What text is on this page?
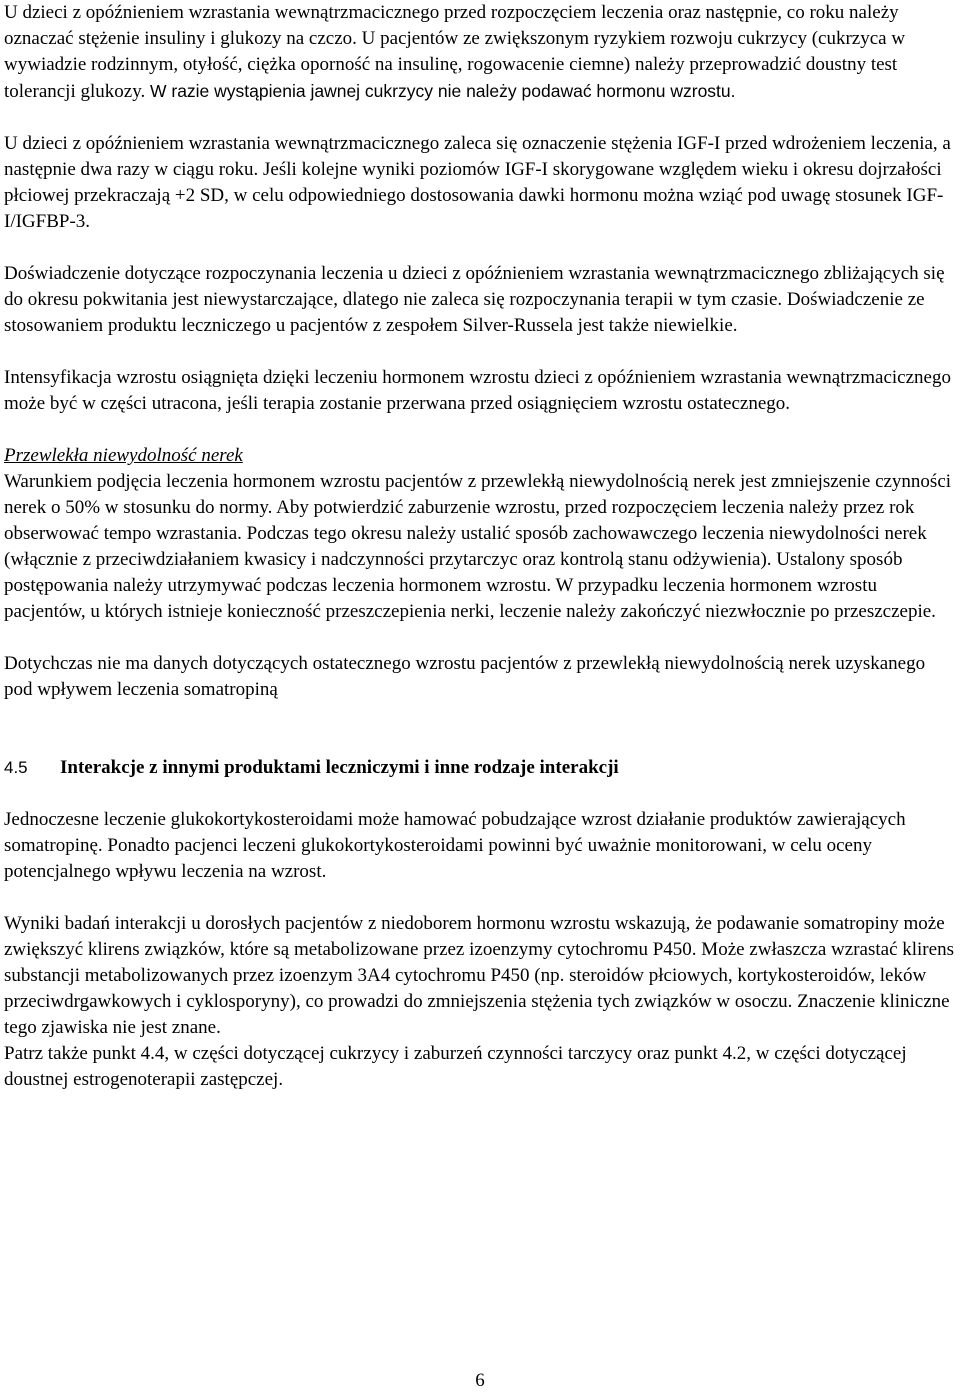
U dzieci z opóźnieniem wzrastania wewnątrzmacicznego przed rozpoczęciem leczenia oraz następnie, co roku należy oznaczać stężenie insuliny i glukozy na czczo. U pacjentów ze zwiększonym ryzykiem rozwoju cukrzycy (cukrzyca w wywiadzie rodzinnym, otyłość, ciężka oporność na insulinę, rogowacenie ciemne) należy przeprowadzić doustny test tolerancji glukozy. W razie wystąpienia jawnej cukrzycy nie należy podawać hormonu wzrostu.

U dzieci z opóźnieniem wzrastania wewnątrzmacicznego zaleca się oznaczenie stężenia IGF-I przed wdrożeniem leczenia, a następnie dwa razy w ciągu roku. Jeśli kolejne wyniki poziomów IGF-I skorygowane względem wieku i okresu dojrzałości płciowej przekraczają +2 SD, w celu odpowiedniego dostosowania dawki hormonu można wziąć pod uwagę stosunek IGF-I/IGFBP-3.

Doświadczenie dotyczące rozpoczynania leczenia u dzieci z opóźnieniem wzrastania wewnątrzmacicznego zbliżających się do okresu pokwitania jest niewystarczające, dlatego nie zaleca się rozpoczynania terapii w tym czasie. Doświadczenie ze stosowaniem produktu leczniczego u pacjentów z zespołem Silver-Russela jest także niewielkie.

Intensyfikacja wzrostu osiągnięta dzięki leczeniu hormonem wzrostu dzieci z opóźnieniem wzrastania wewnątrzmacicznego może być w części utracona, jeśli terapia zostanie przerwana przed osiągnięciem wzrostu ostatecznego.

Przewlekła niewydolność nerek

Warunkiem podjęcia leczenia hormonem wzrostu pacjentów z przewlekłą niewydolnością nerek jest zmniejszenie czynności nerek o 50% w stosunku do normy. Aby potwierdzić zaburzenie wzrostu, przed rozpoczęciem leczenia należy przez rok obserwować tempo wzrastania. Podczas tego okresu należy ustalić sposób zachowawczego leczenia niewydolności nerek (włącznie z przeciwdziałaniem kwasicy i nadczynności przytarczyc oraz kontrolą stanu odżywienia). Ustalony sposób postępowania należy utrzymywać podczas leczenia hormonem wzrostu. W przypadku leczenia hormonem wzrostu pacjentów, u których istnieje konieczność przeszczepienia nerki, leczenie należy zakończyć niezwłocznie po przeszczepie.

Dotychczas nie ma danych dotyczących ostatecznego wzrostu pacjentów z przewlekłą niewydolnością nerek uzyskanego pod wpływem leczenia somatropiną

4.5	Interakcje z innymi produktami leczniczymi i inne rodzaje interakcji

Jednoczesne leczenie glukokortykosteroidami może hamować pobudzające wzrost działanie produktów zawierających somatropinę. Ponadto pacjenci leczeni glukokortykosteroidami powinni być uważnie monitorowani, w celu oceny potencjalnego wpływu leczenia na wzrost.

Wyniki badań interakcji u dorosłych pacjentów z niedoborem hormonu wzrostu wskazują, że podawanie somatropiny może zwiększyć klirens związków, które są metabolizowane przez izoenzymy cytochromu P450. Może zwłaszcza wzrastać klirens substancji metabolizowanych przez izoenzym 3A4 cytochromu P450 (np. steroidów płciowych, kortykosteroidów, leków przeciwdrgawkowych i cyklosporyny), co prowadzi do zmniejszenia stężenia tych związków w osoczu. Znaczenie kliniczne tego zjawiska nie jest znane.

Patrz także punkt 4.4, w części dotyczącej cukrzycy i zaburzeń czynności tarczycy oraz punkt 4.2, w części dotyczącej doustnej estrogenoterapii zastępczej.

6
